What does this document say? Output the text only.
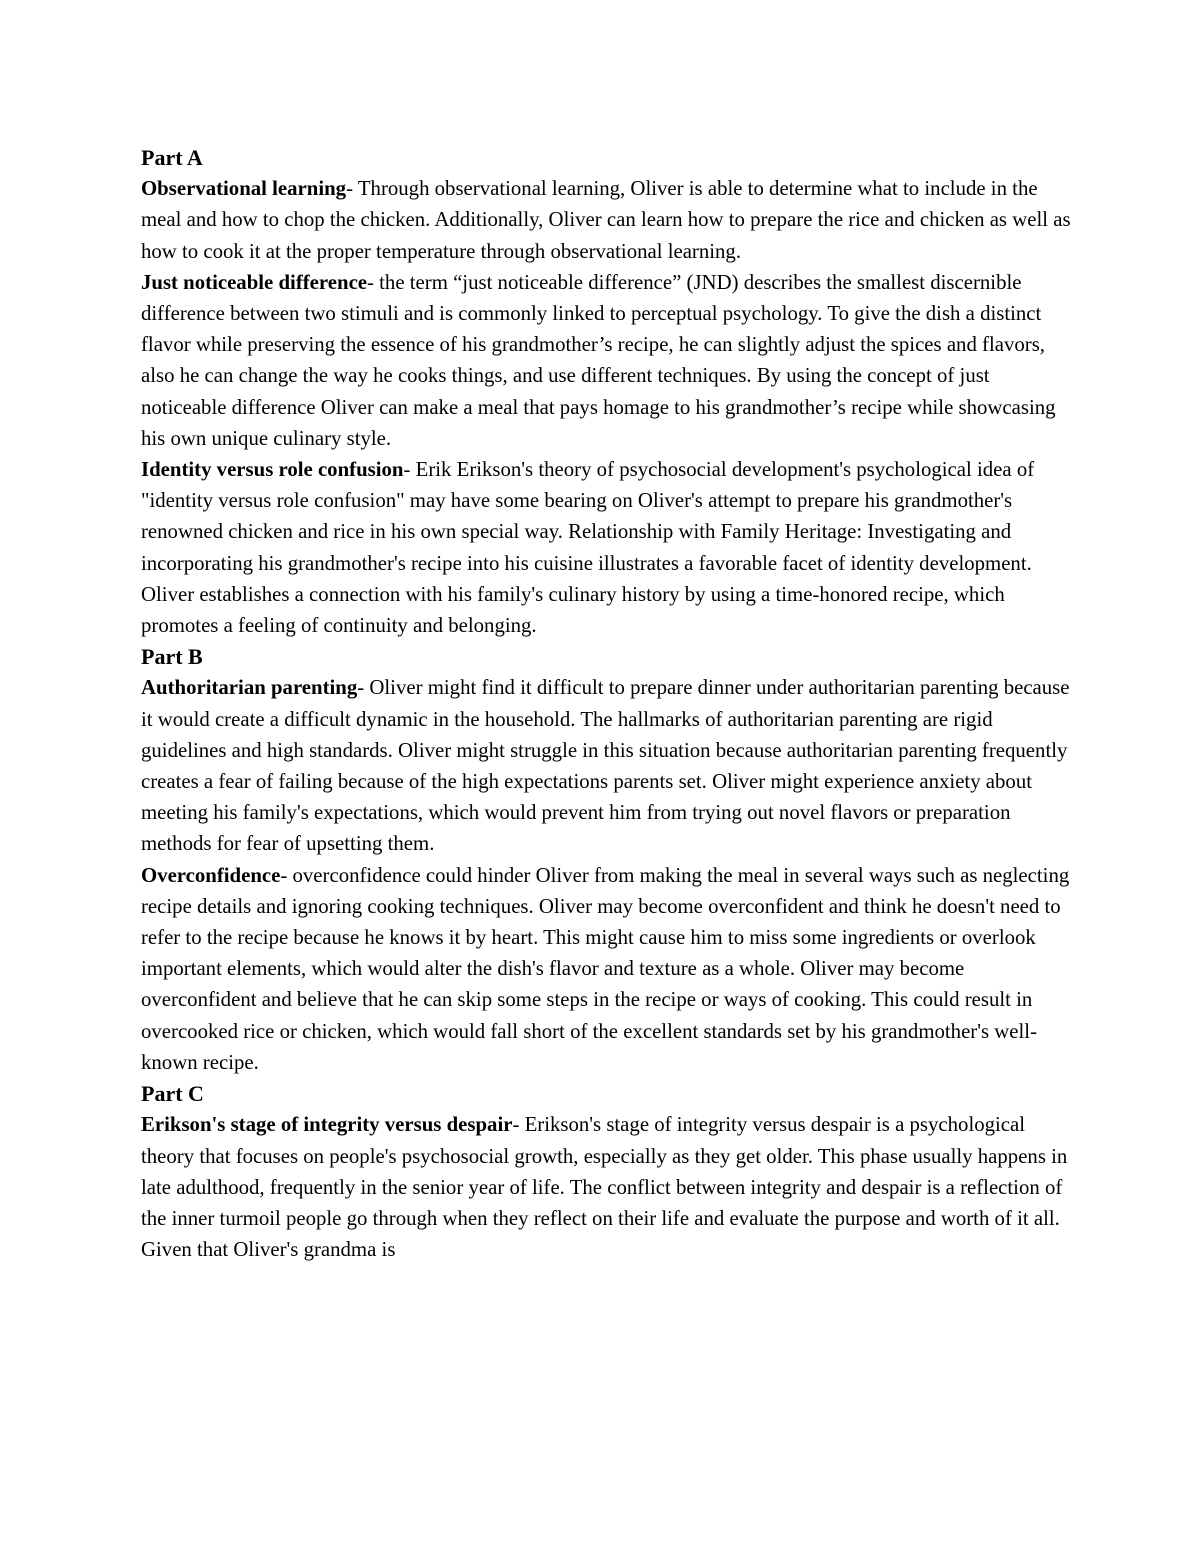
Part A

Observational learning- Through observational learning, Oliver is able to determine what to include in the meal and how to chop the chicken. Additionally, Oliver can learn how to prepare the rice and chicken as well as how to cook it at the proper temperature through observational learning.

Just noticeable difference- the term “just noticeable difference” (JND) describes the smallest discernible difference between two stimuli and is commonly linked to perceptual psychology. To give the dish a distinct flavor while preserving the essence of his grandmother’s recipe, he can slightly adjust the spices and flavors, also he can change the way he cooks things, and use different techniques. By using the concept of just noticeable difference Oliver can make a meal that pays homage to his grandmother’s recipe while showcasing his own unique culinary style.

Identity versus role confusion- Erik Erikson's theory of psychosocial development's psychological idea of "identity versus role confusion" may have some bearing on Oliver's attempt to prepare his grandmother's renowned chicken and rice in his own special way. Relationship with Family Heritage: Investigating and incorporating his grandmother's recipe into his cuisine illustrates a favorable facet of identity development. Oliver establishes a connection with his family's culinary history by using a time-honored recipe, which promotes a feeling of continuity and belonging.

Part B

Authoritarian parenting- Oliver might find it difficult to prepare dinner under authoritarian parenting because it would create a difficult dynamic in the household. The hallmarks of authoritarian parenting are rigid guidelines and high standards. Oliver might struggle in this situation because authoritarian parenting frequently creates a fear of failing because of the high expectations parents set. Oliver might experience anxiety about meeting his family's expectations, which would prevent him from trying out novel flavors or preparation methods for fear of upsetting them.

Overconfidence- overconfidence could hinder Oliver from making the meal in several ways such as neglecting recipe details and ignoring cooking techniques. Oliver may become overconfident and think he doesn't need to refer to the recipe because he knows it by heart. This might cause him to miss some ingredients or overlook important elements, which would alter the dish's flavor and texture as a whole. Oliver may become overconfident and believe that he can skip some steps in the recipe or ways of cooking. This could result in overcooked rice or chicken, which would fall short of the excellent standards set by his grandmother's well-known recipe.

Part C

Erikson's stage of integrity versus despair- Erikson's stage of integrity versus despair is a psychological theory that focuses on people's psychosocial growth, especially as they get older. This phase usually happens in late adulthood, frequently in the senior year of life. The conflict between integrity and despair is a reflection of the inner turmoil people go through when they reflect on their life and evaluate the purpose and worth of it all. Given that Oliver's grandma is
